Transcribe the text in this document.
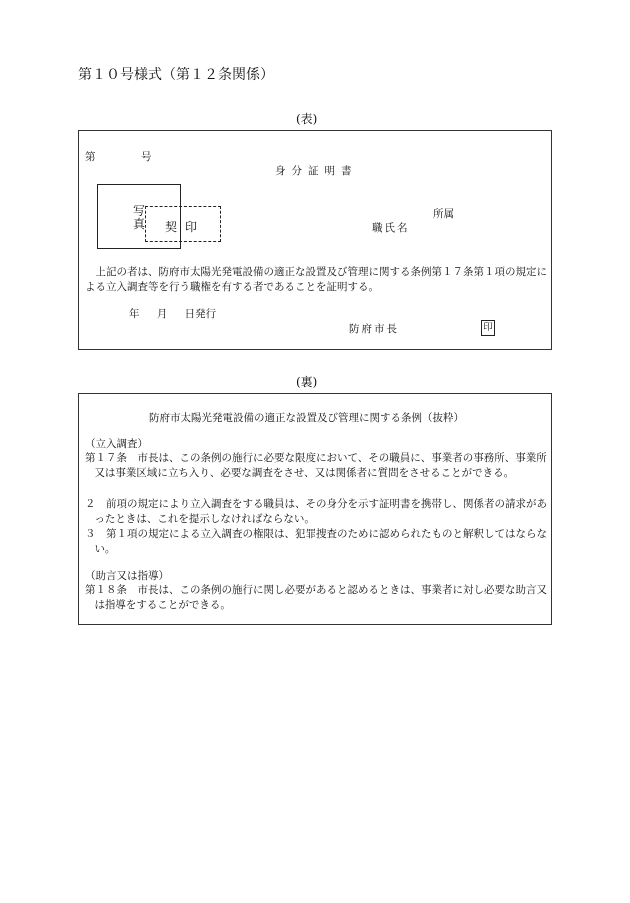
第１０号様式（第１２条関係）
(表)
第	号
身分証明書
写真 契印
所属
職氏名
上記の者は、防府市太陽光発電設備の適正な設置及び管理に関する条例第１７条第１項の規定による立入調査等を行う職権を有する者であることを証明する。
年 月 日発行
防府市長	印
(裏)
防府市太陽光発電設備の適正な設置及び管理に関する条例（抜粋）
（立入調査）
第１７条　市長は、この条例の施行に必要な限度において、その職員に、事業者の事務所、事業所又は事業区域に立ち入り、必要な調査をさせ、又は関係者に質問をさせることができる。
２　前項の規定により立入調査をする職員は、その身分を示す証明書を携帯し、関係者の請求があったときは、これを提示しなければならない。
３　第１項の規定による立入調査の権限は、犯罪捜査のために認められたものと解釈してはならない。
（助言又は指導）
第１８条　市長は、この条例の施行に関し必要があると認めるときは、事業者に対し必要な助言又は指導をすることができる。
